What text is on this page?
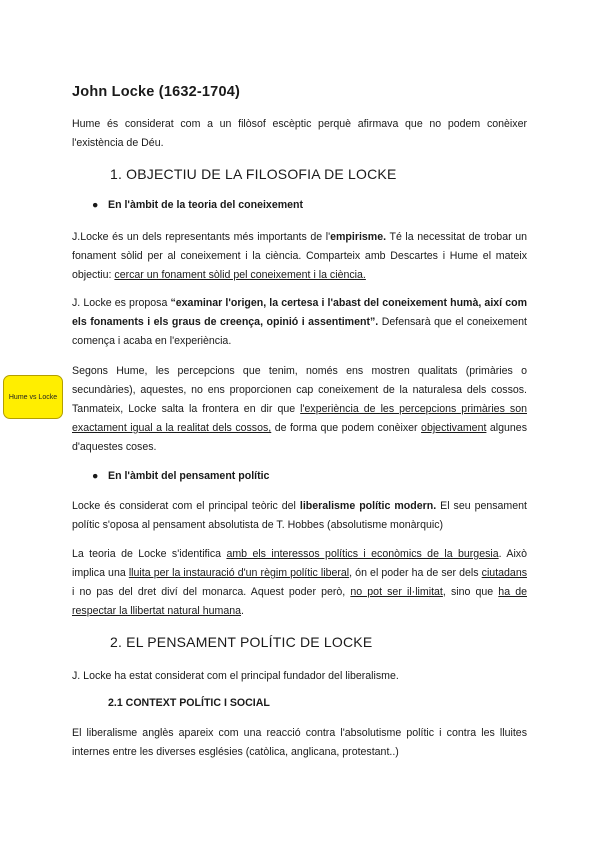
John Locke (1632-1704)
Hume és considerat com a un filòsof escèptic perquè afirmava que no podem conèixer l'existència de Déu.
1. OBJECTIU DE LA FILOSOFIA DE LOCKE
● En l'àmbit de la teoria del coneixement
J.Locke és un dels representants més importants de l'empirisme. Té la necessitat de trobar un fonament sòlid per al coneixement i la ciència. Comparteix amb Descartes i Hume el mateix objectiu: cercar un fonament sòlid pel coneixement i la ciència.
J. Locke es proposa “examinar l'origen, la certesa i l'abast del coneixement humà, així com els fonaments i els graus de creença, opinió i assentiment”. Defensarà que el coneixement comença i acaba en l'experiència.
Hume vs Locke
Segons Hume, les percepcions que tenim, només ens mostren qualitats (primàries o secundàries), aquestes, no ens proporcionen cap coneixement de la naturalesa dels cossos. Tanmateix, Locke salta la frontera en dir que l'experiència de les percepcions primàries son exactament igual a la realitat dels cossos, de forma que podem conèixer objectivament algunes d'aquestes coses.
● En l'àmbit del pensament polític
Locke és considerat com el principal teòric del liberalisme polític modern. El seu pensament polític s'oposa al pensament absolutista de T. Hobbes (absolutisme monàrquic)
La teoria de Locke s'identifica amb els interessos polítics i econòmics de la burgesia. Això implica una lluita per la instauració d'un règim polític liberal, ón el poder ha de ser dels ciutadans i no pas del dret diví del monarca. Aquest poder però, no pot ser il·limitat, sino que ha de respectar la llibertat natural humana.
2. EL PENSAMENT POLÍTIC DE LOCKE
J. Locke ha estat considerat com el principal fundador del liberalisme.
2.1 CONTEXT POLÍTIC I SOCIAL
El liberalisme anglès apareix com una reacció contra l'absolutisme polític i contra les lluites internes entre les diverses esglésies (catòlica, anglicana, protestant..)
